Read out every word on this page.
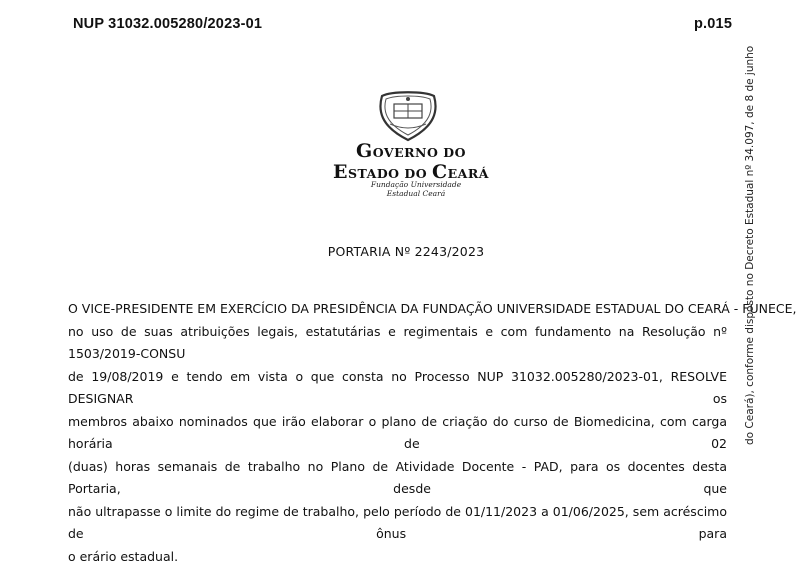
NUP 31032.005280/2023-01	p.015
GOVERNO DO
ESTADO DO CEARÁ
Fundação Universidade
Estadual Ceará
PORTARIA Nº 2243/2023
O VICE-PRESIDENTE EM EXERCÍCIO DA PRESIDÊNCIA DA FUNDAÇÃO UNIVERSIDADE ESTADUAL DO CEARÁ - FUNECE,
no uso de suas atribuições legais, estatutárias e regimentais e com fundamento na Resolução nº 1503/2019-CONSU
de 19/08/2019 e tendo em vista o que consta no Processo NUP 31032.005280/2023-01, RESOLVE DESIGNAR os
membros abaixo nominados que irão elaborar o plano de criação do curso de Biomedicina, com carga horária de 02
(duas) horas semanais de trabalho no Plano de Atividade Docente - PAD, para os docentes desta Portaria, desde que
não ultrapasse o limite do regime de trabalho, pelo período de 01/11/2023 a 01/06/2025, sem acréscimo de ônus para
o erário estadual.
do Ceará), conforme disposto no Decreto Estadual nº 34.097, de 8 de junho
